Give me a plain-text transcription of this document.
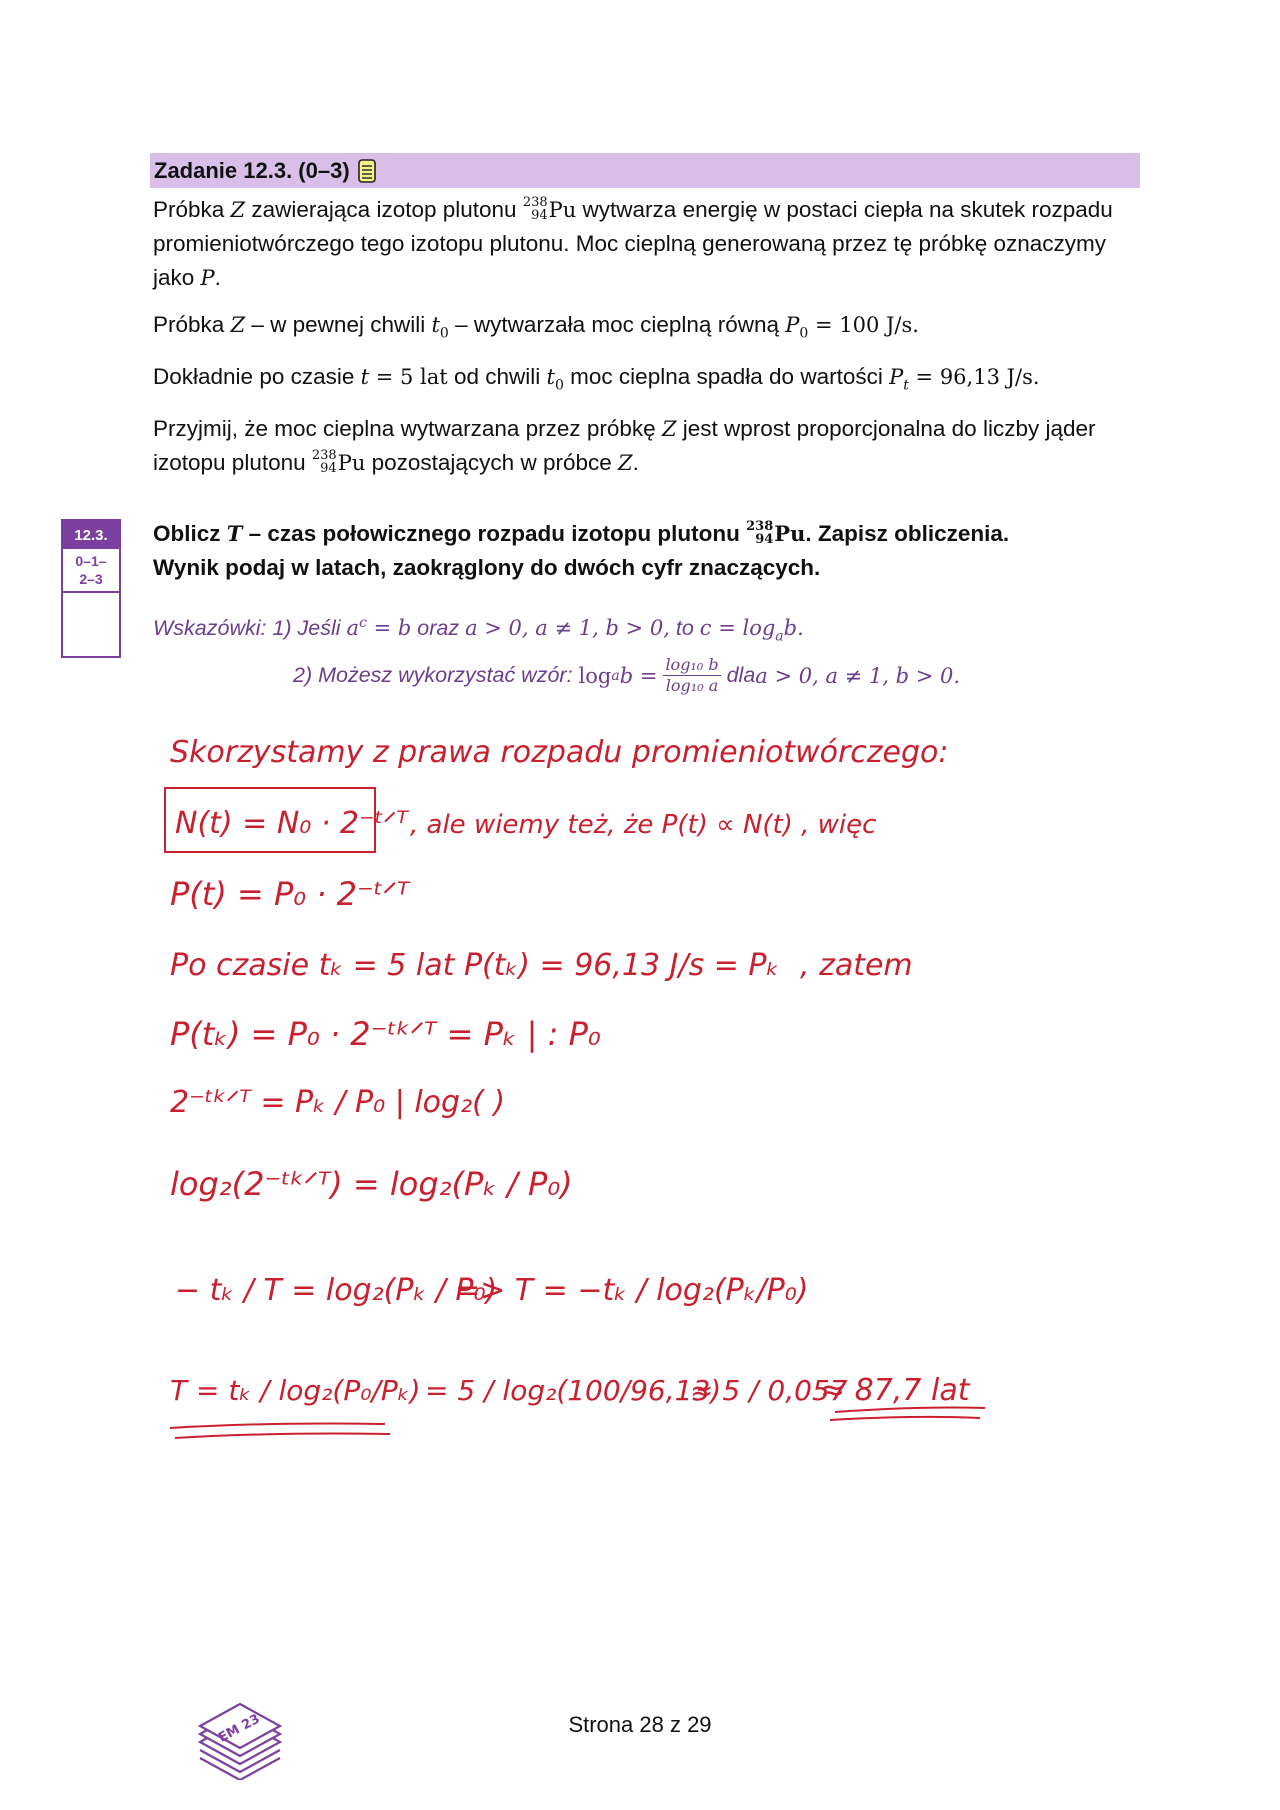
Zadanie 12.3. (0–3)

Próbka 𝑍 zawierająca izotop plutonu 238
94 Pu wytwarza energię w postaci ciepła na skutek rozpadu promieniotwórczego tego izotopu plutonu. Moc cieplną generowaną przez tę próbkę oznaczymy jako P.

Próbka 𝑍 – w pewnej chwili $t_0$ – wytwarzała moc cieplną równą $P_0 = 100$ J/s.

Dokładnie po czasie t = 5 lat od chwili $t_0$ moc cieplna spadła do wartości $P_t = 96,13$ J/s.

Przyjmij, że moc cieplna wytwarzana przez próbkę 𝑍 jest wprost proporcjonalna do liczby jąder izotopu plutonu 238
94 Pu pozostających w próbce 𝑍.

12.3.
0–1–
2–3

Oblicz T – czas połowicznego rozpadu izotopu plutonu 238
94 Pu. Zapisz obliczenia.
Wynik podaj w latach, zaokrąglony do dwóch cyfr znaczących.

Wskazówki: 1) Jeśli $a^c = b$ oraz a > 0, a ≠ 1, b > 0, to $c = \log_ab$.
2) Możesz wykorzystać wzór:
log a $b = \frac{\text{log₁₀ b}}{\text{log₁₀ a}}$ dla a > 0, a ≠ 1, b > 0.
Skorzystamy z prawa rozpadu promieniotwórczego:
N(t) = N₀ · 2⁻ᵗᐟᵀ , ale wiemy też, że P(t) ∝ N(t) , więc
P(t) = P₀ · 2⁻ᵗᐟᵀ
Po czasie tₖ = 5 lat P(tₖ) = 96,13 J/s = Pₖ , zatem
P(tₖ) = P₀ · 2⁻ᵗᵏᐟᵀ = Pₖ | : P₀
2⁻ᵗᵏᐟᵀ = Pₖ / P₀ | log₂( )
log₂(2⁻ᵗᵏᐟᵀ) = log₂(Pₖ / P₀)
− tₖ / T = log₂(Pₖ / P₀)
=> T = −tₖ / log₂(Pₖ/P₀)
T = tₖ / log₂(P₀/Pₖ) = 5 / log₂(100/96,13)
≈ 5 / 0,057
≈ 87,7 lat
EM 23	Strona 28 z 29
